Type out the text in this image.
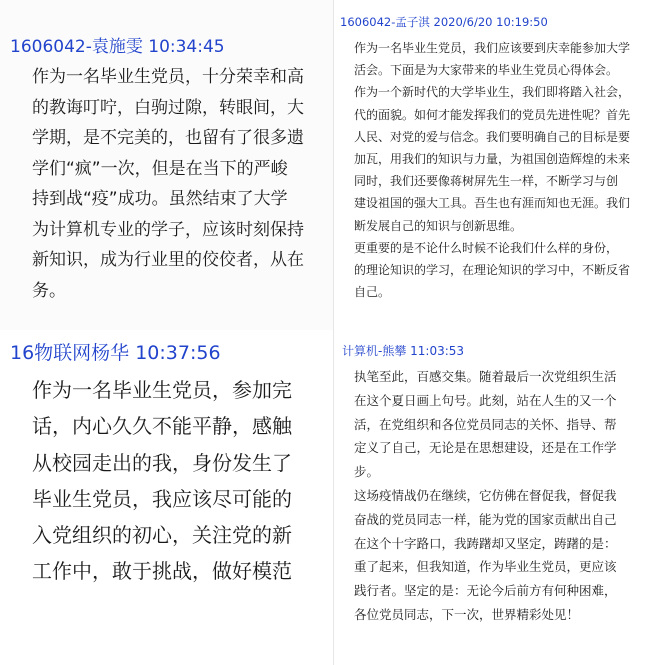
1606042-袁施雯 10:34:45

作为一名毕业生党员，十分荣幸和高

的教诲叮咛，白驹过隙，转眼间，大

学期，是不完美的，也留有了很多遗

学们“疯”一次，但是在当下的严峻

持到战“疫”成功。虽然结束了大学

为计算机专业的学子，应该时刻保持

新知识，成为行业里的佼佼者，从在

务。

1606042-孟子淇 2020/6/20 10:19:50

作为一名毕业生党员，我们应该要到庆幸能参加大学

活会。下面是为大家带来的毕业生党员心得体会。

作为一个新时代的大学毕业生，我们即将踏入社会，

代的面貌。如何才能发挥我们的党员先进性呢？首先

人民、对党的爱与信念。我们要明确自己的目标是要

加瓦，用我们的知识与力量，为祖国创造辉煌的未来

同时，我们还要像蒋树屏先生一样，不断学习与创

建设祖国的强大工具。吾生也有涯而知也无涯。我们

断发展自己的知识与创新思维。

更重要的是不论什么时候不论我们什么样的身份，

的理论知识的学习，在理论知识的学习中，不断反省

自己。

16物联网杨华 10:37:56

作为一名毕业生党员，参加完

话，内心久久不能平静，感触

从校园走出的我，身份发生了

毕业生党员，我应该尽可能的

入党组织的初心，关注党的新

工作中，敢于挑战，做好模范

计算机-熊攀 11:03:53

执笔至此，百感交集。随着最后一次党组织生活

在这个夏日画上句号。此刻，站在人生的又一个

活，在党组织和各位党员同志的关怀、指导、帮

定义了自己，无论是在思想建设，还是在工作学

步。

这场疫情战仍在继续，它仿佛在督促我，督促我

奋战的党员同志一样，能为党的国家贡献出自己

在这个十字路口，我踌躇却又坚定，踌躇的是：

重了起来，但我知道，作为毕业生党员，更应该

践行者。坚定的是：无论今后前方有何种困难，

各位党员同志，下一次，世界精彩处见！
